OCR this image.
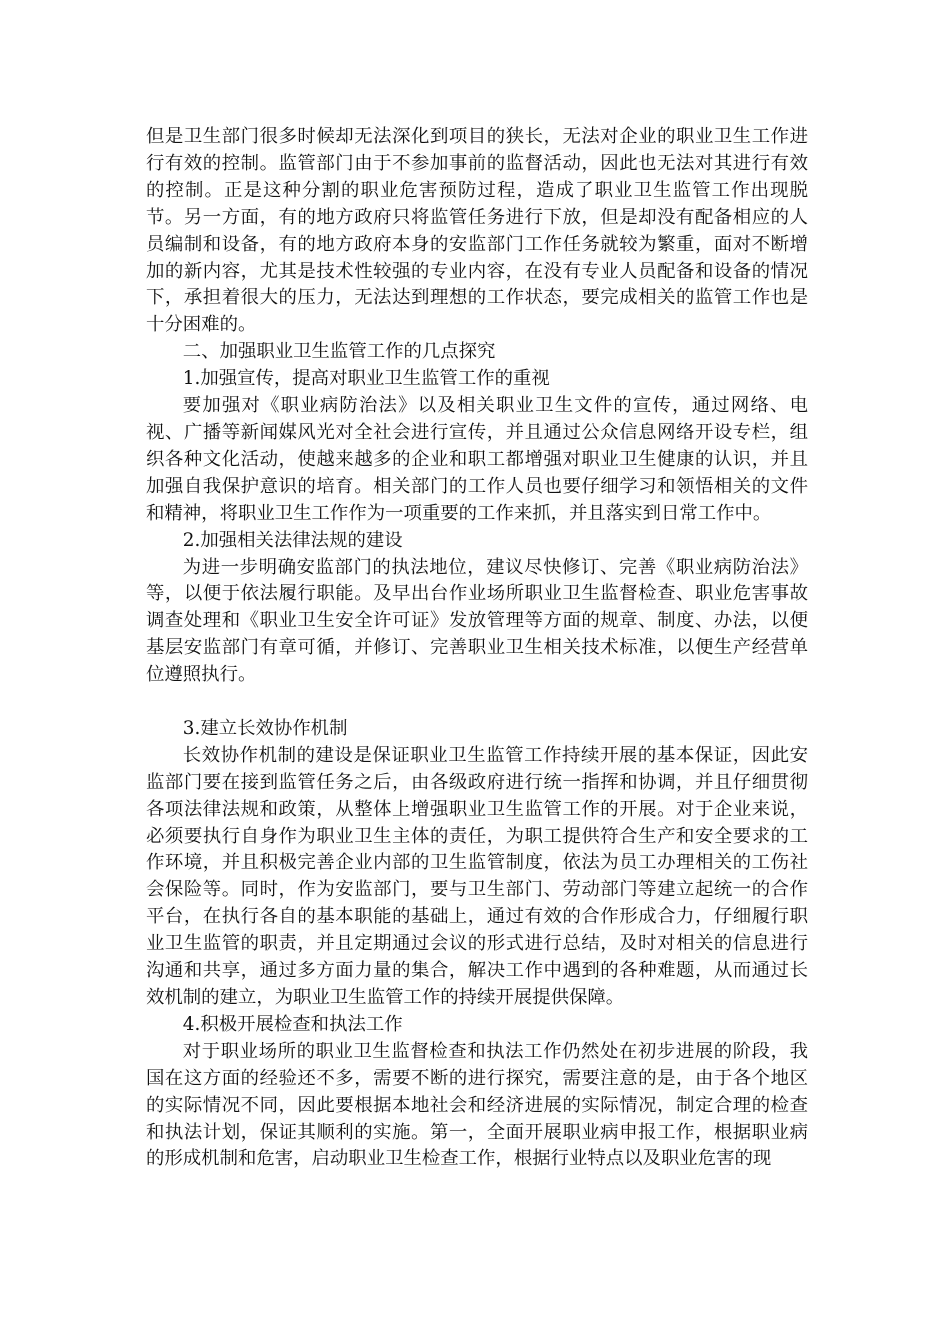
但是卫生部门很多时候却无法深化到项目的狭长，无法对企业的职业卫生工作进行有效的控制。监管部门由于不参加事前的监督活动，因此也无法对其进行有效的控制。正是这种分割的职业危害预防过程，造成了职业卫生监管工作出现脱节。另一方面，有的地方政府只将监管任务进行下放，但是却没有配备相应的人员编制和设备，有的地方政府本身的安监部门工作任务就较为繁重，面对不断增加的新内容，尤其是技术性较强的专业内容，在没有专业人员配备和设备的情况下，承担着很大的压力，无法达到理想的工作状态，要完成相关的监管工作也是十分困难的。

二、加强职业卫生监管工作的几点探究

1.加强宣传，提高对职业卫生监管工作的重视

要加强对《职业病防治法》以及相关职业卫生文件的宣传，通过网络、电视、广播等新闻媒风光对全社会进行宣传，并且通过公众信息网络开设专栏，组织各种文化活动，使越来越多的企业和职工都增强对职业卫生健康的认识，并且加强自我保护意识的培育。相关部门的工作人员也要仔细学习和领悟相关的文件和精神，将职业卫生工作作为一项重要的工作来抓，并且落实到日常工作中。

2.加强相关法律法规的建设

为进一步明确安监部门的执法地位，建议尽快修订、完善《职业病防治法》等，以便于依法履行职能。及早出台作业场所职业卫生监督检查、职业危害事故调查处理和《职业卫生安全许可证》发放管理等方面的规章、制度、办法，以便基层安监部门有章可循，并修订、完善职业卫生相关技术标准，以便生产经营单位遵照执行。

3.建立长效协作机制

长效协作机制的建设是保证职业卫生监管工作持续开展的基本保证，因此安监部门要在接到监管任务之后，由各级政府进行统一指挥和协调，并且仔细贯彻各项法律法规和政策，从整体上增强职业卫生监管工作的开展。对于企业来说，必须要执行自身作为职业卫生主体的责任，为职工提供符合生产和安全要求的工作环境，并且积极完善企业内部的卫生监管制度，依法为员工办理相关的工伤社会保险等。同时，作为安监部门，要与卫生部门、劳动部门等建立起统一的合作平台，在执行各自的基本职能的基础上，通过有效的合作形成合力，仔细履行职业卫生监管的职责，并且定期通过会议的形式进行总结，及时对相关的信息进行沟通和共享，通过多方面力量的集合，解决工作中遇到的各种难题，从而通过长效机制的建立，为职业卫生监管工作的持续开展提供保障。

4.积极开展检查和执法工作

对于职业场所的职业卫生监督检查和执法工作仍然处在初步进展的阶段，我国在这方面的经验还不多，需要不断的进行探究，需要注意的是，由于各个地区的实际情况不同，因此要根据本地社会和经济进展的实际情况，制定合理的检查和执法计划，保证其顺利的实施。第一，全面开展职业病申报工作，根据职业病的形成机制和危害，启动职业卫生检查工作，根据行业特点以及职业危害的现
